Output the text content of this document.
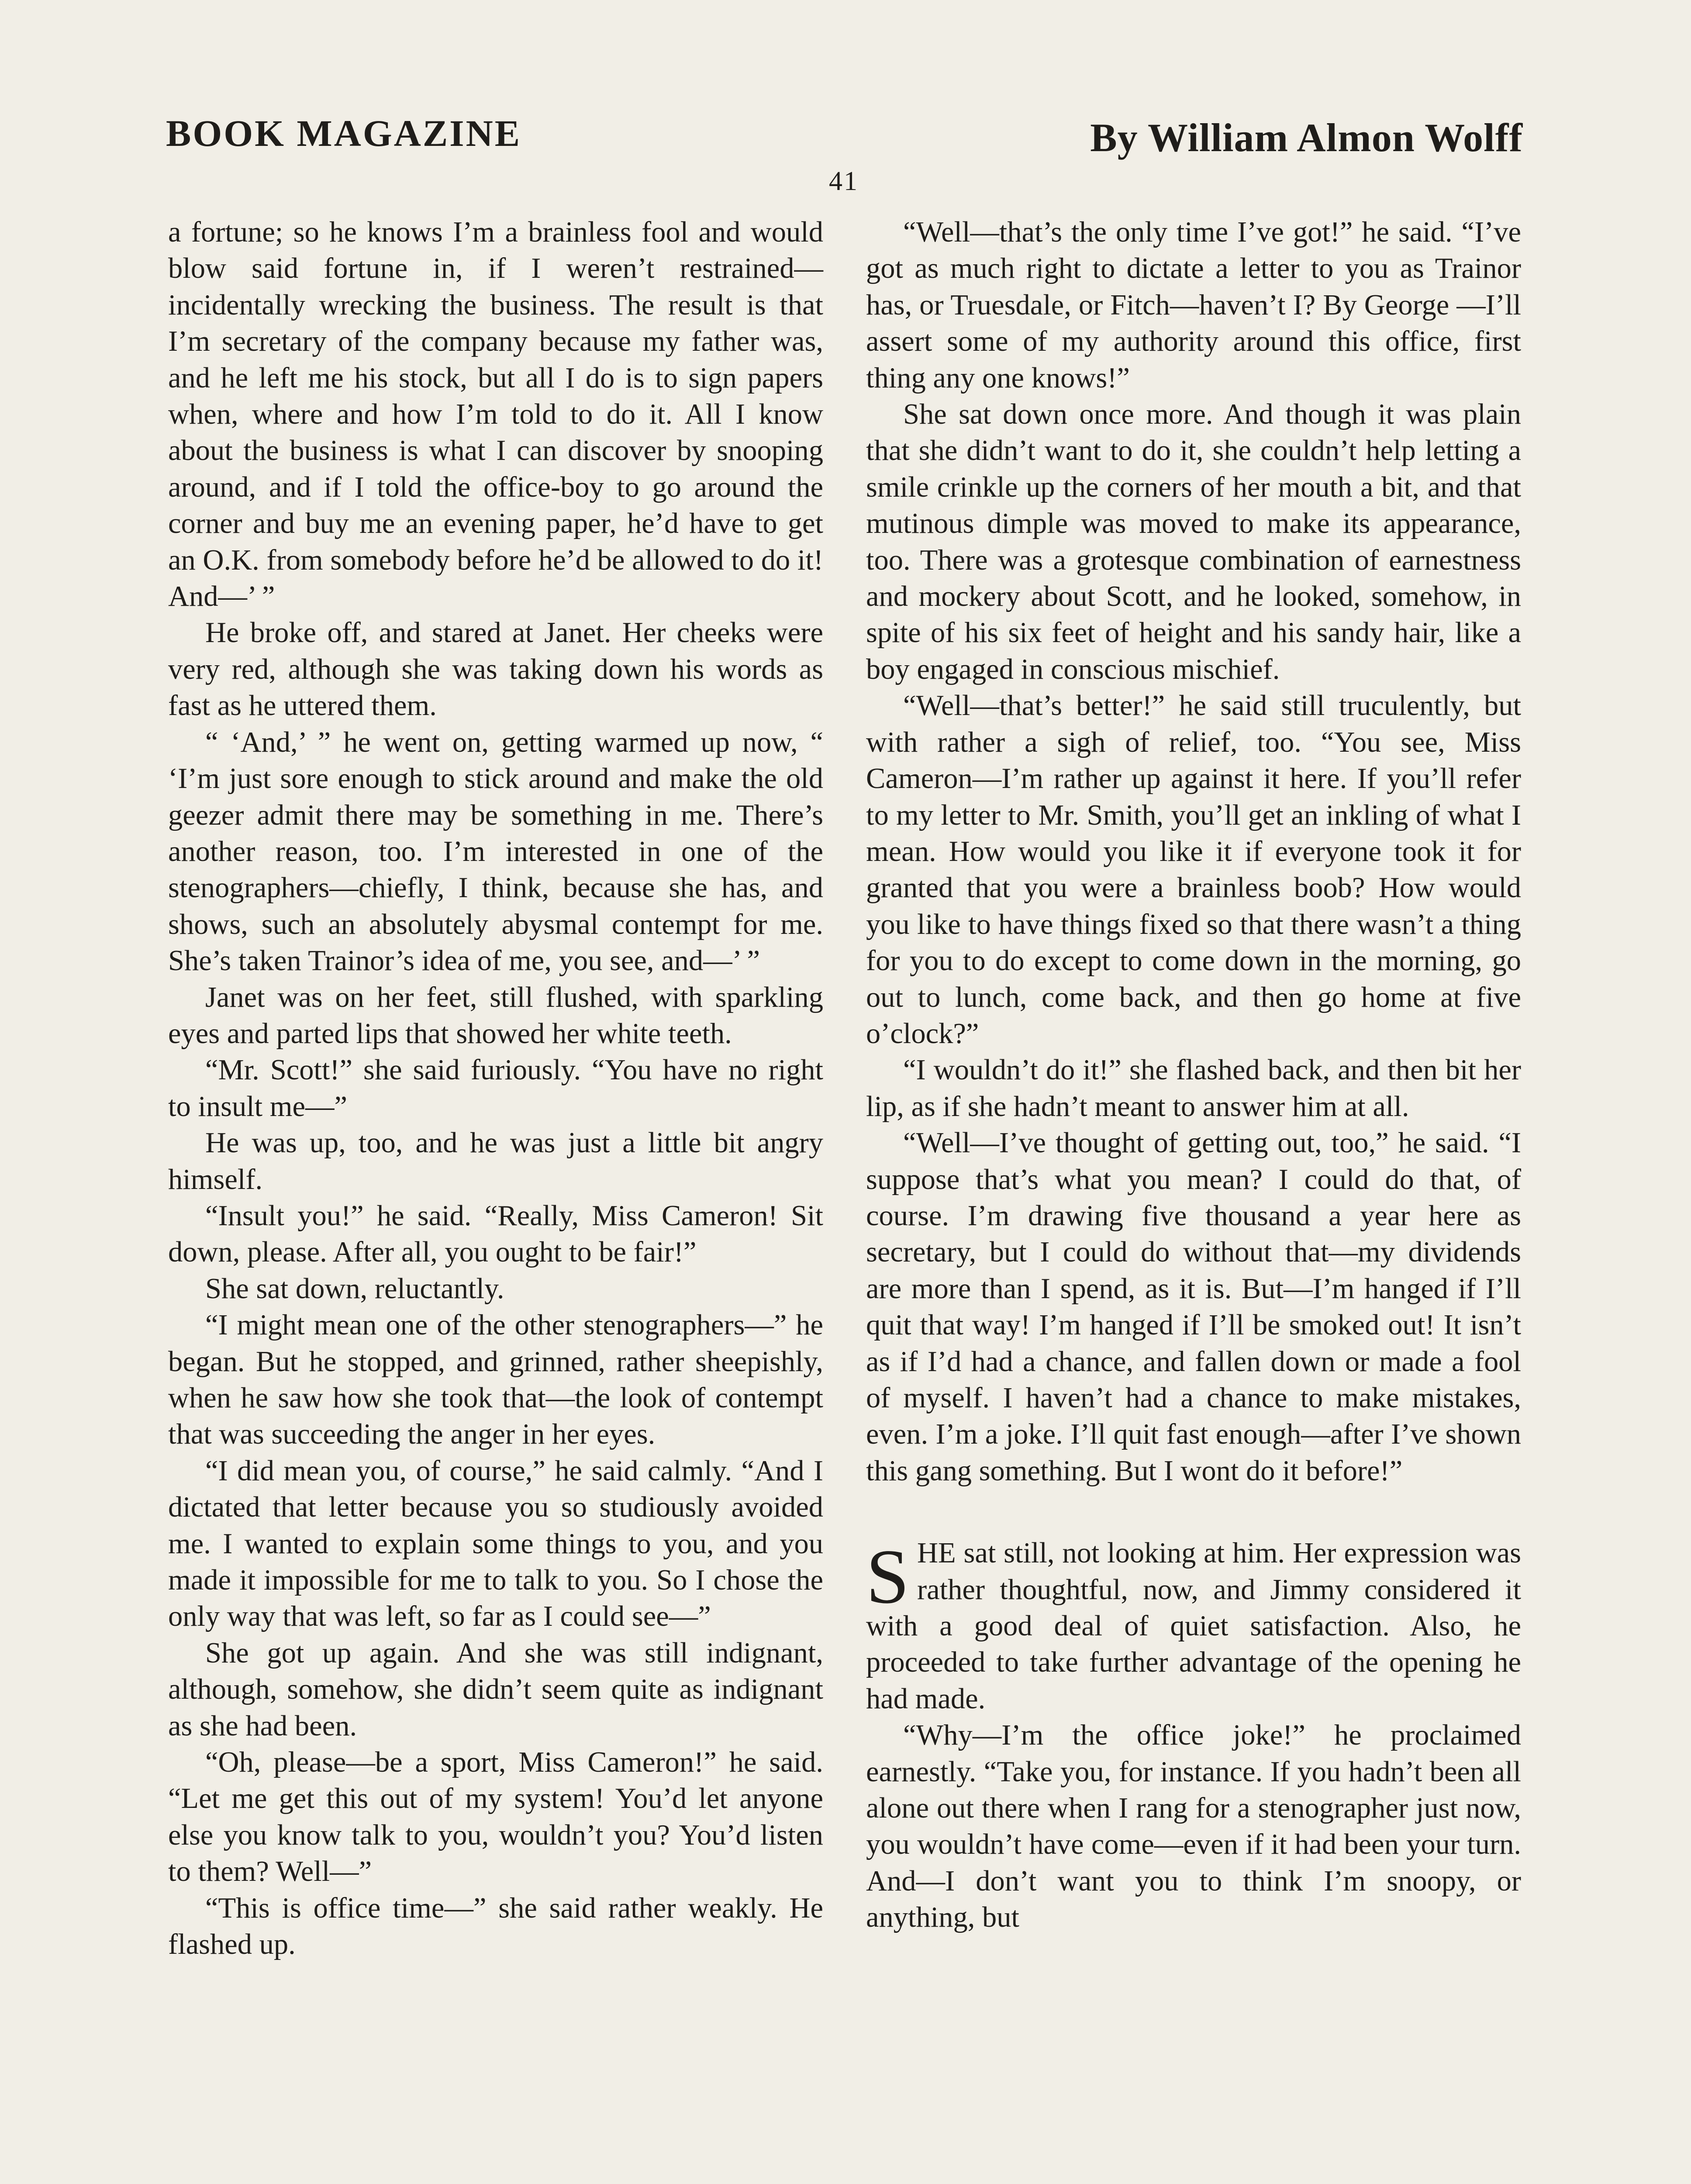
BOOK MAGAZINE	By William Almon Wolff
41

a fortune; so he knows I’m a brainless fool and would blow said fortune in, if I weren’t restrained—incidentally wrecking the business. The result is that I’m secretary of the company because my father was, and he left me his stock, but all I do is to sign papers when, where and how I’m told to do it. All I know about the business is what I can discover by snooping around, and if I told the office-boy to go around the corner and buy me an evening paper, he’d have to get an O.K. from somebody before he’d be allowed to do it! And—’ ”

He broke off, and stared at Janet. Her cheeks were very red, although she was taking down his words as fast as he uttered them.

“ ‘And,’ ” he went on, getting warmed up now, “ ‘I’m just sore enough to stick around and make the old geezer admit there may be something in me. There’s another reason, too. I’m interested in one of the stenographers—chiefly, I think, because she has, and shows, such an absolutely abysmal contempt for me. She’s taken Trainor’s idea of me, you see, and—’ ”

Janet was on her feet, still flushed, with sparkling eyes and parted lips that showed her white teeth.

“Mr. Scott!” she said furiously. “You have no right to insult me—”

He was up, too, and he was just a little bit angry himself.

“Insult you!” he said. “Really, Miss Cameron! Sit down, please. After all, you ought to be fair!”

She sat down, reluctantly.

“I might mean one of the other stenographers—” he began. But he stopped, and grinned, rather sheepishly, when he saw how she took that—the look of contempt that was succeeding the anger in her eyes.

“I did mean you, of course,” he said calmly. “And I dictated that letter because you so studiously avoided me. I wanted to explain some things to you, and you made it impossible for me to talk to you. So I chose the only way that was left, so far as I could see—”

She got up again. And she was still indignant, although, somehow, she didn’t seem quite as indignant as she had been.

“Oh, please—be a sport, Miss Cameron!” he said. “Let me get this out of my system! You’d let anyone else you know talk to you, wouldn’t you? You’d listen to them? Well—”

“This is office time—” she said rather weakly. He flashed up.

“Well—that’s the only time I’ve got!” he said. “I’ve got as much right to dictate a letter to you as Trainor has, or Truesdale, or Fitch—haven’t I? By George —I’ll assert some of my authority around this office, first thing any one knows!”

She sat down once more. And though it was plain that she didn’t want to do it, she couldn’t help letting a smile crinkle up the corners of her mouth a bit, and that mutinous dimple was moved to make its appearance, too. There was a grotesque combination of earnestness and mockery about Scott, and he looked, somehow, in spite of his six feet of height and his sandy hair, like a boy engaged in conscious mischief.

“Well—that’s better!” he said still truculently, but with rather a sigh of relief, too. “You see, Miss Cameron—I’m rather up against it here. If you’ll refer to my letter to Mr. Smith, you’ll get an inkling of what I mean. How would you like it if everyone took it for granted that you were a brainless boob? How would you like to have things fixed so that there wasn’t a thing for you to do except to come down in the morning, go out to lunch, come back, and then go home at five o’clock?”

“I wouldn’t do it!” she flashed back, and then bit her lip, as if she hadn’t meant to answer him at all.

“Well—I’ve thought of getting out, too,” he said. “I suppose that’s what you mean? I could do that, of course. I’m drawing five thousand a year here as secretary, but I could do without that—my dividends are more than I spend, as it is. But—I’m hanged if I’ll quit that way! I’m hanged if I’ll be smoked out! It isn’t as if I’d had a chance, and fallen down or made a fool of myself. I haven’t had a chance to make mistakes, even. I’m a joke. I’ll quit fast enough—after I’ve shown this gang something. But I wont do it before!”

SHE sat still, not looking at him. Her expression was rather thoughtful, now, and Jimmy considered it with a good deal of quiet satisfaction. Also, he proceeded to take further advantage of the opening he had made.

“Why—I’m the office joke!” he proclaimed earnestly. “Take you, for instance. If you hadn’t been all alone out there when I rang for a stenographer just now, you wouldn’t have come—even if it had been your turn. And—I don’t want you to think I’m snoopy, or anything, but
